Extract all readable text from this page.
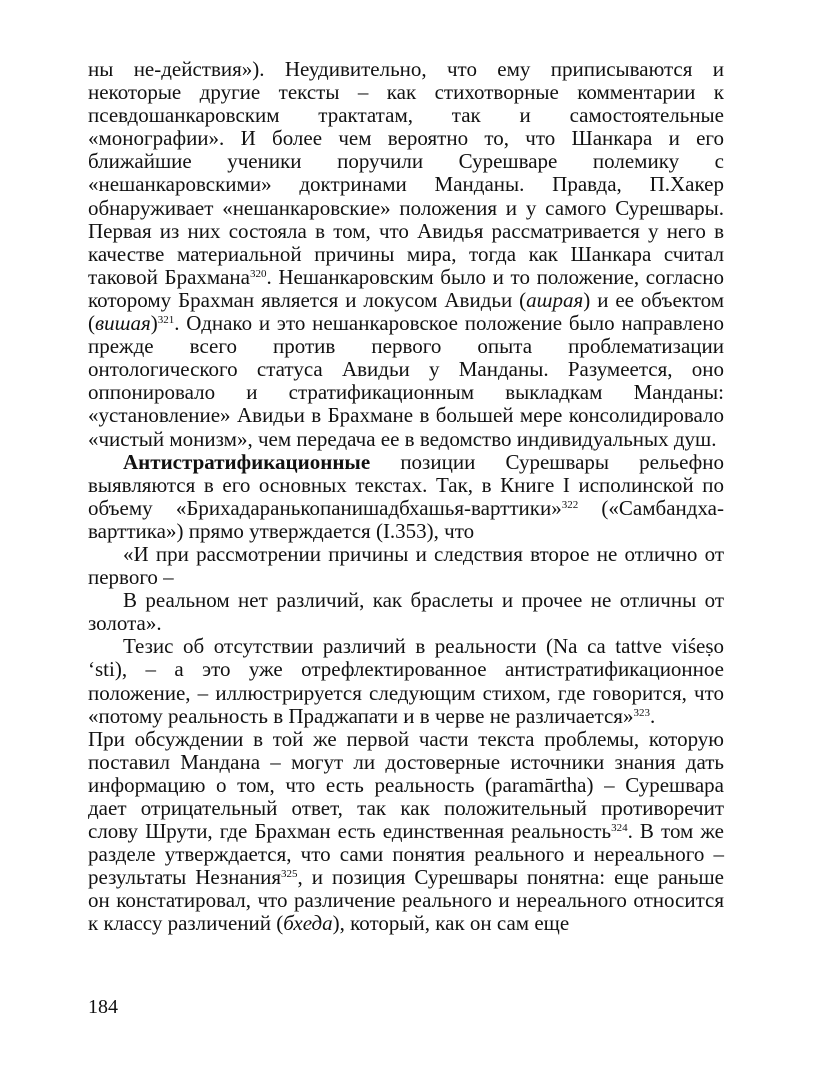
ны не-действия»). Неудивительно, что ему приписываются и некоторые другие тексты – как стихотворные комментарии к псевдошанкаровским трактатам, так и самостоятельные «монографии». И более чем вероятно то, что Шанкара и его ближайшие ученики поручили Сурешваре полемику с «нешанкаровскими» доктринами Манданы. Правда, П.Хакер обнаруживает «нешанкаровские» положения и у самого Сурешвары. Первая из них состояла в том, что Авидья рассматривается у него в качестве материальной причины мира, тогда как Шанкара считал таковой Брахмана$^{320}$. Нешанкаровским было и то положение, согласно которому Брахман является и локусом Авидьи (ашрая) и ее объектом (вишая)$^{321}$. Однако и это нешанкаровское положение было направлено прежде всего против первого опыта проблематизации онтологического статуса Авидьи у Манданы. Разумеется, оно оппонировало и стратификационным выкладкам Манданы: «установление» Авидьи в Брахмане в большей мере консолидировало «чистый монизм», чем передача ее в ведомство индивидуальных душ.

Антистратификационные позиции Сурешвары рельефно выявляются в его основных текстах. Так, в Книге I исполинской по объему «Брихадаранькопанишадбхашья-варттики»$^{322}$ («Самбандха-варттика») прямо утверждается (I.353), что

«И при рассмотрении причины и следствия второе не отлично от первого –

В реальном нет различий, как браслеты и прочее не отличны от золота».

Тезис об отсутствии различий в реальности (Na ca tattve viśeṣo ‘sti), – а это уже отрефлектированное антистратификационное положение, – иллюстрируется следующим стихом, где говорится, что «потому реальность в Праджапати и в черве не различается»$^{323}$.

При обсуждении в той же первой части текста проблемы, которую поставил Мандана – могут ли достоверные источники знания дать информацию о том, что есть реальность (paramārtha) – Сурешвара дает отрицательный ответ, так как положительный противоречит слову Шрути, где Брахман есть единственная реальность$^{324}$. В том же разделе утверждается, что сами понятия реального и нереального – результаты Незнания$^{325}$, и позиция Сурешвары понятна: еще раньше он констатировал, что различение реального и нереального относится к классу различений (бхеда), который, как он сам еще

184
